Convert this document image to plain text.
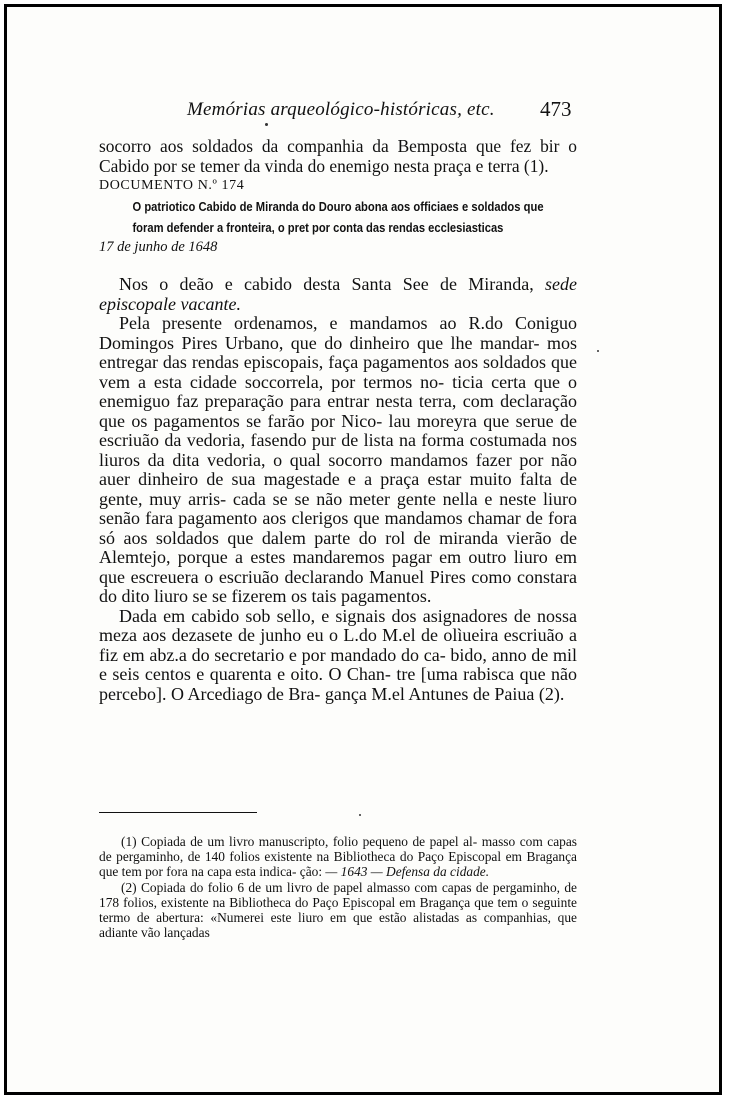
Memórias arqueológico-históricas, etc. 473

socorro aos soldados da companhia da Bemposta que fez bir o Cabido por se temer da vinda do enemigo nesta praça e terra (1).

DOCUMENTO N.º 174

O patriotico Cabido de Miranda do Douro abona aos officiaes e soldados que foram defender a fronteira, o pret por conta das rendas ecclesiasticas

17 de junho de 1648

Nos o deão e cabido desta Santa See de Miranda, sede episcopale vacante.

Pela presente ordenamos, e mandamos ao R.do Coniguo Domingos Pires Urbano, que do dinheiro que lhe mandar- mos entregar das rendas episcopais, faça pagamentos aos soldados que vem a esta cidade soccorrela, por termos no- ticia certa que o enemiguo faz preparação para entrar nesta terra, com declaração que os pagamentos se farão por Nico- lau moreyra que serue de escriuão da vedoria, fasendo pur de lista na forma costumada nos liuros da dita vedoria, o qual socorro mandamos fazer por não auer dinheiro de sua magestade e a praça estar muito falta de gente, muy arris- cada se se não meter gente nella e neste liuro senão fara pagamento aos clerigos que mandamos chamar de fora só aos soldados que dalem parte do rol de miranda vierão de Alemtejo, porque a estes mandaremos pagar em outro liuro em que escreuera o escriuão declarando Manuel Pires como constara do dito liuro se se fizerem os tais pagamentos.

Dada em cabido sob sello, e signais dos asignadores de nossa meza aos dezasete de junho eu o L.do M.el de olìueira escriuão a fiz em abz.a do secretario e por mandado do ca- bido, anno de mil e seis centos e quarenta e oito. O Chan- tre [uma rabisca que não percebo]. O Arcediago de Bra- gança M.el Antunes de Paiua (2).

(1) Copiada de um livro manuscripto, folio pequeno de papel al- masso com capas de pergaminho, de 140 folios existente na Bibliotheca do Paço Episcopal em Bragança que tem por fora na capa esta indica- ção: — 1643 — Defensa da cidade.

(2) Copiada do folio 6 de um livro de papel almasso com capas de pergaminho, de 178 folios, existente na Bibliotheca do Paço Episcopal em Bragança que tem o seguinte termo de abertura: «Numerei este liuro em que estão alistadas as companhias, que adiante vão lançadas
